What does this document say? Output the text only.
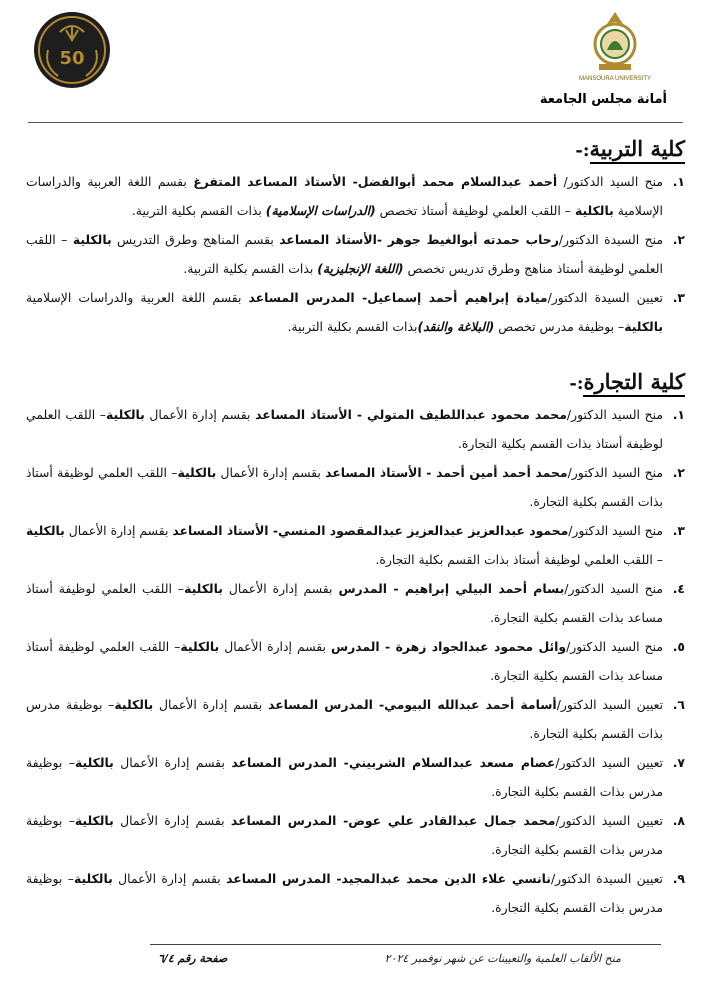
MANSOURA UNIVERSITY
أمانة مجلس الجامعة
50
كلية التربية:-
١.
منح السيد الدكتور/ أحمد عبدالسلام محمد أبوالفضل- الأستاذ المساعد المتفرغ بقسم اللغة العربية والدراسات الإسلامية بالكلية – اللقب العلمي لوظيفة أستاذ تخصص (الدراسات الإسلامية) بذات القسم بكلية التربية.
٢.
منح السيدة الدكتور/رحاب حمدته أبوالغيط جوهر -الأستاذ المساعد بقسم المناهج وطرق التدريس بالكلية – اللقب العلمي لوظيفة أستاذ مناهج وطرق تدريس تخصص (اللغة الإنجليزية) بذات القسم بكلية التربية.
٣.
تعيين السيدة الدكتور/ميادة إبراهيم أحمد إسماعيل- المدرس المساعد بقسم اللغة العربية والدراسات الإسلامية بالكلية– بوظيفة مدرس تخصص (البلاغة والنقد)بذات القسم بكلية التربية.
كلية التجارة:-
١.
منح السيد الدكتور/محمد محمود عبداللطيف المتولي - الأستاذ المساعد بقسم إدارة الأعمال بالكلية– اللقب العلمي لوظيفة أستاذ بذات القسم بكلية التجارة.
٢.
منح السيد الدكتور/محمد أحمد أمين أحمد - الأستاذ المساعد بقسم إدارة الأعمال بالكلية– اللقب العلمي لوظيفة أستاذ بذات القسم بكلية التجارة.
٣.
منح السيد الدكتور/محمود عبدالعزيز عبدالعزيز عبدالمقصود المنسي- الأستاذ المساعد بقسم إدارة الأعمال بالكلية – اللقب العلمي لوظيفة أستاذ بذات القسم بكلية التجارة.
٤.
منح السيد الدكتور/بسام أحمد البيلي إبراهيم - المدرس بقسم إدارة الأعمال بالكلية– اللقب العلمي لوظيفة أستاذ مساعد بذات القسم بكلية التجارة.
٥.
منح السيد الدكتور/وائل محمود عبدالجواد زهرة - المدرس بقسم إدارة الأعمال بالكلية– اللقب العلمي لوظيفة أستاذ مساعد بذات القسم بكلية التجارة.
٦.
تعيين السيد الدكتور/أسامة أحمد عبدالله البيومي- المدرس المساعد بقسم إدارة الأعمال بالكلية– بوظيفة مدرس بذات القسم بكلية التجارة.
٧.
تعيين السيد الدكتور/عصام مسعد عبدالسلام الشربيني- المدرس المساعد بقسم إدارة الأعمال بالكلية– بوظيفة مدرس بذات القسم بكلية التجارة.
٨.
تعيين السيد الدكتور/محمد جمال عبدالقادر علي عوض- المدرس المساعد بقسم إدارة الأعمال بالكلية– بوظيفة مدرس بذات القسم بكلية التجارة.
٩.
تعيين السيدة الدكتور/نانسي علاء الدين محمد عبدالمجيد- المدرس المساعد بقسم إدارة الأعمال بالكلية– بوظيفة مدرس بذات القسم بكلية التجارة.
منح الألقاب العلمية والتعيينات عن شهر نوفمبر ٢٠٢٤
صفحة رقم ٦/٤
